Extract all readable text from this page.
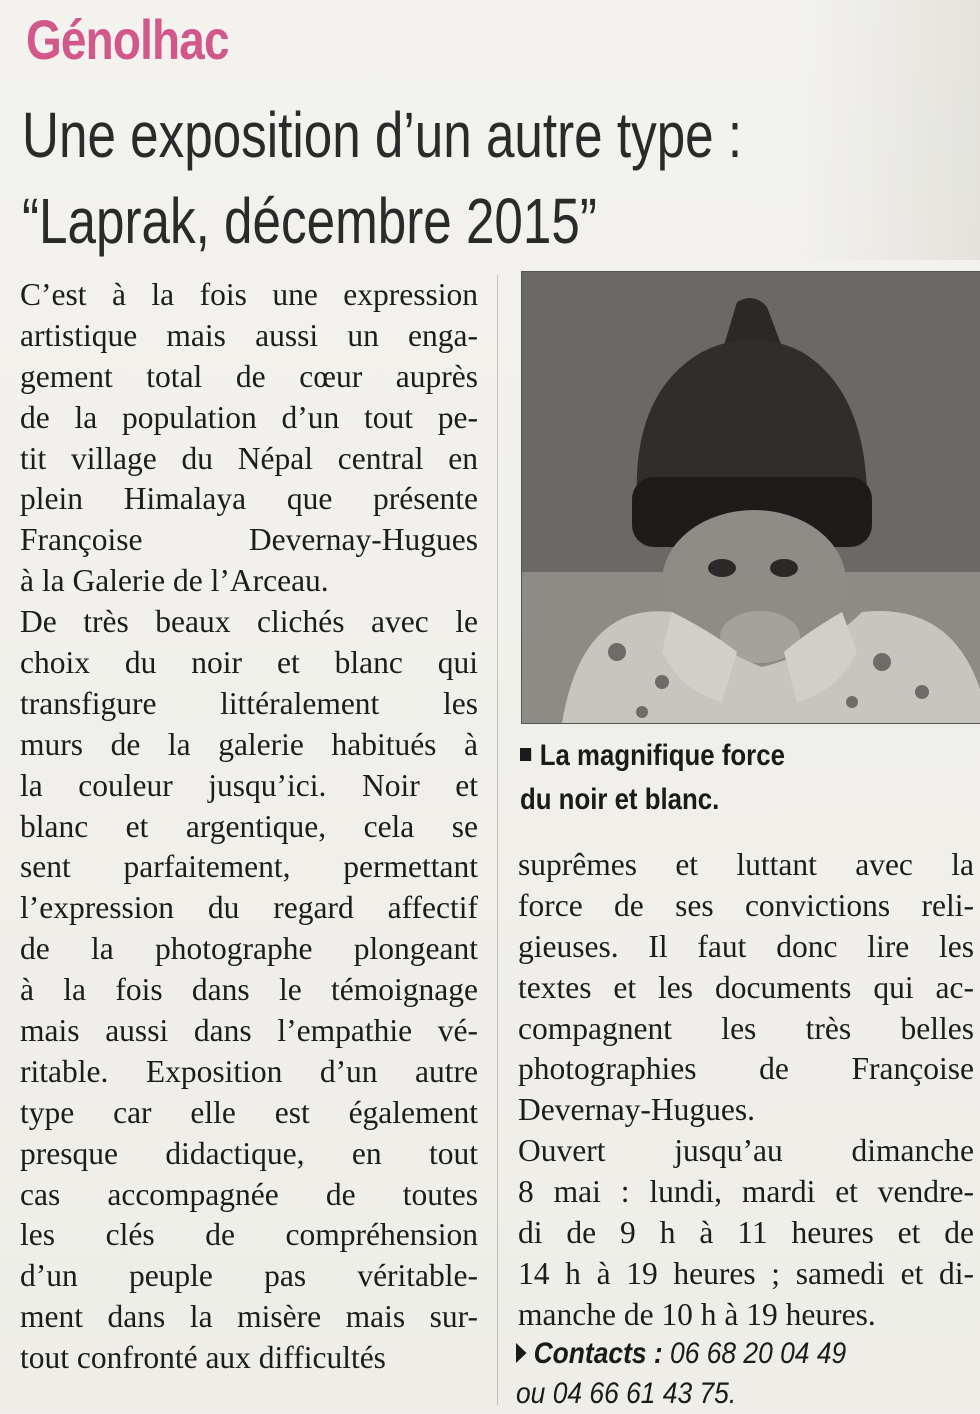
Génolhac
Une exposition d’un autre type :
“Laprak, décembre 2015”
C’est à la fois une expression
artistique mais aussi un enga-
gement total de cœur auprès
de la population d’un tout pe-
tit village du Népal central en
plein Himalaya que présente
Françoise Devernay-Hugues
à la Galerie de l’Arceau.
De très beaux clichés avec le
choix du noir et blanc qui
transfigure littéralement les
murs de la galerie habitués à
la couleur jusqu’ici. Noir et
blanc et argentique, cela se
sent parfaitement, permettant
l’expression du regard affectif
de la photographe plongeant
à la fois dans le témoignage
mais aussi dans l’empathie vé-
ritable. Exposition d’un autre
type car elle est également
presque didactique, en tout
cas accompagnée de toutes
les clés de compréhension
d’un peuple pas véritable-
ment dans la misère mais sur-
tout confronté aux difficultés
La magnifique force
du noir et blanc.
suprêmes et luttant avec la
force de ses convictions reli-
gieuses. Il faut donc lire les
textes et les documents qui ac-
compagnent les très belles
photographies de Françoise
Devernay-Hugues.
Ouvert jusqu’au dimanche
8 mai : lundi, mardi et vendre-
di de 9 h à 11 heures et de
14 h à 19 heures ; samedi et di-
manche de 10 h à 19 heures.
Contacts : 06 68 20 04 49
ou 04 66 61 43 75.
